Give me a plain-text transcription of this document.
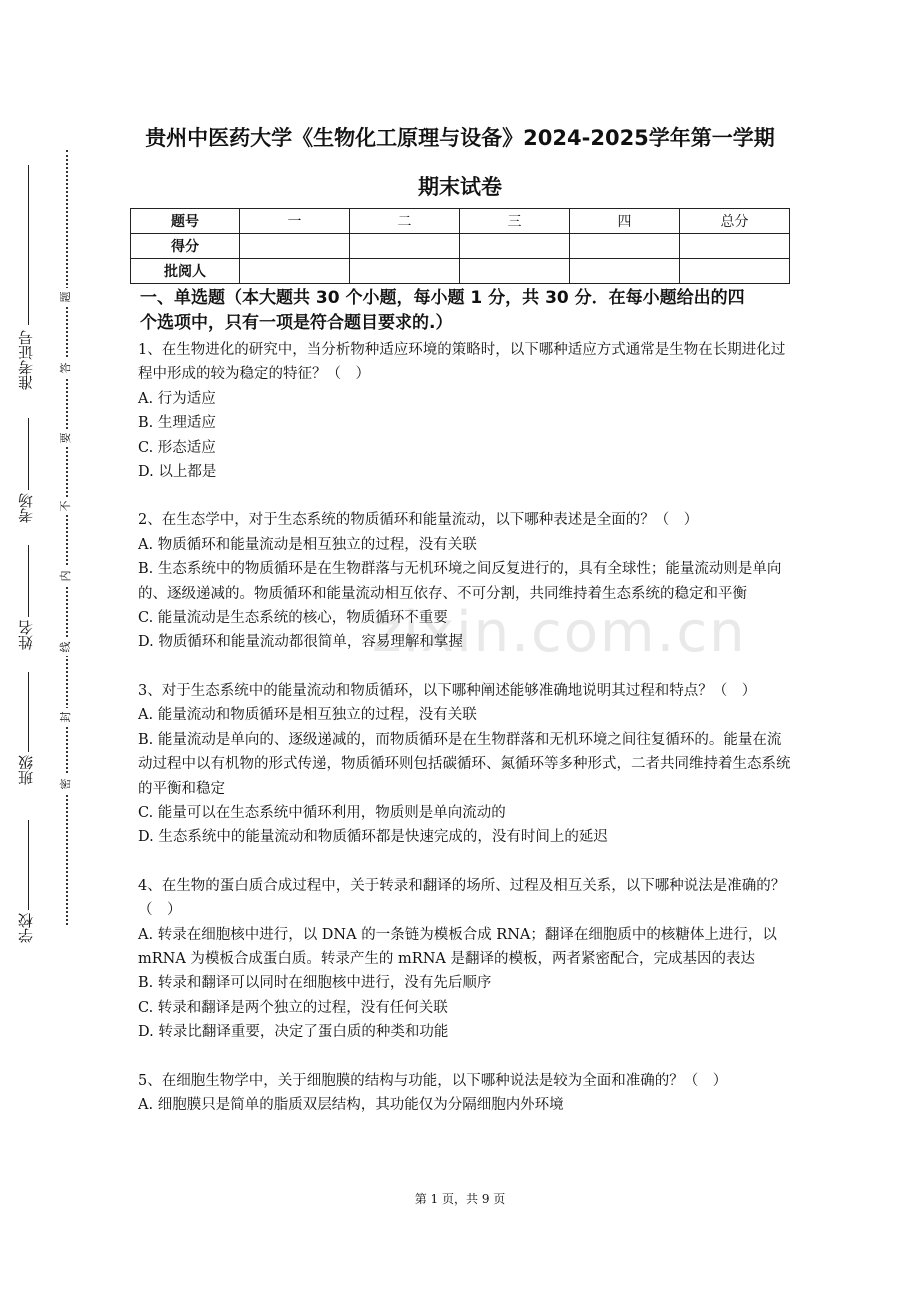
准考证号
考场
姓名
班级
学校
题
答
要
不
内
线
封
密
zixin.com.cn
贵州中医药大学《生物化工原理与设备》2024-2025学年第一学期
期末试卷
题号	一	二	三	四	总分
得分					
批阅人					
一、单选题（本大题共 30 个小题，每小题 1 分，共 30 分．在每小题给出的四
个选项中，只有一项是符合题目要求的.）
1、在生物进化的研究中，当分析物种适应环境的策略时，以下哪种适应方式通常是生物在长期进化过程中形成的较为稳定的特征？（　）
A. 行为适应
B. 生理适应
C. 形态适应
D. 以上都是
2、在生态学中，对于生态系统的物质循环和能量流动，以下哪种表述是全面的？（　）
A. 物质循环和能量流动是相互独立的过程，没有关联
B. 生态系统中的物质循环是在生物群落与无机环境之间反复进行的，具有全球性；能量流动则是单向的、逐级递减的。物质循环和能量流动相互依存、不可分割，共同维持着生态系统的稳定和平衡
C. 能量流动是生态系统的核心，物质循环不重要
D. 物质循环和能量流动都很简单，容易理解和掌握
3、对于生态系统中的能量流动和物质循环，以下哪种阐述能够准确地说明其过程和特点？（　）
A. 能量流动和物质循环是相互独立的过程，没有关联
B. 能量流动是单向的、逐级递减的，而物质循环是在生物群落和无机环境之间往复循环的。能量在流动过程中以有机物的形式传递，物质循环则包括碳循环、氮循环等多种形式，二者共同维持着生态系统的平衡和稳定
C. 能量可以在生态系统中循环利用，物质则是单向流动的
D. 生态系统中的能量流动和物质循环都是快速完成的，没有时间上的延迟
4、在生物的蛋白质合成过程中，关于转录和翻译的场所、过程及相互关系，以下哪种说法是准确的？（　）
A. 转录在细胞核中进行，以 DNA 的一条链为模板合成 RNA；翻译在细胞质中的核糖体上进行，以 mRNA 为模板合成蛋白质。转录产生的 mRNA 是翻译的模板，两者紧密配合，完成基因的表达
B. 转录和翻译可以同时在细胞核中进行，没有先后顺序
C. 转录和翻译是两个独立的过程，没有任何关联
D. 转录比翻译重要，决定了蛋白质的种类和功能
5、在细胞生物学中，关于细胞膜的结构与功能，以下哪种说法是较为全面和准确的？（　）
A. 细胞膜只是简单的脂质双层结构，其功能仅为分隔细胞内外环境
第 1 页，共 9 页
